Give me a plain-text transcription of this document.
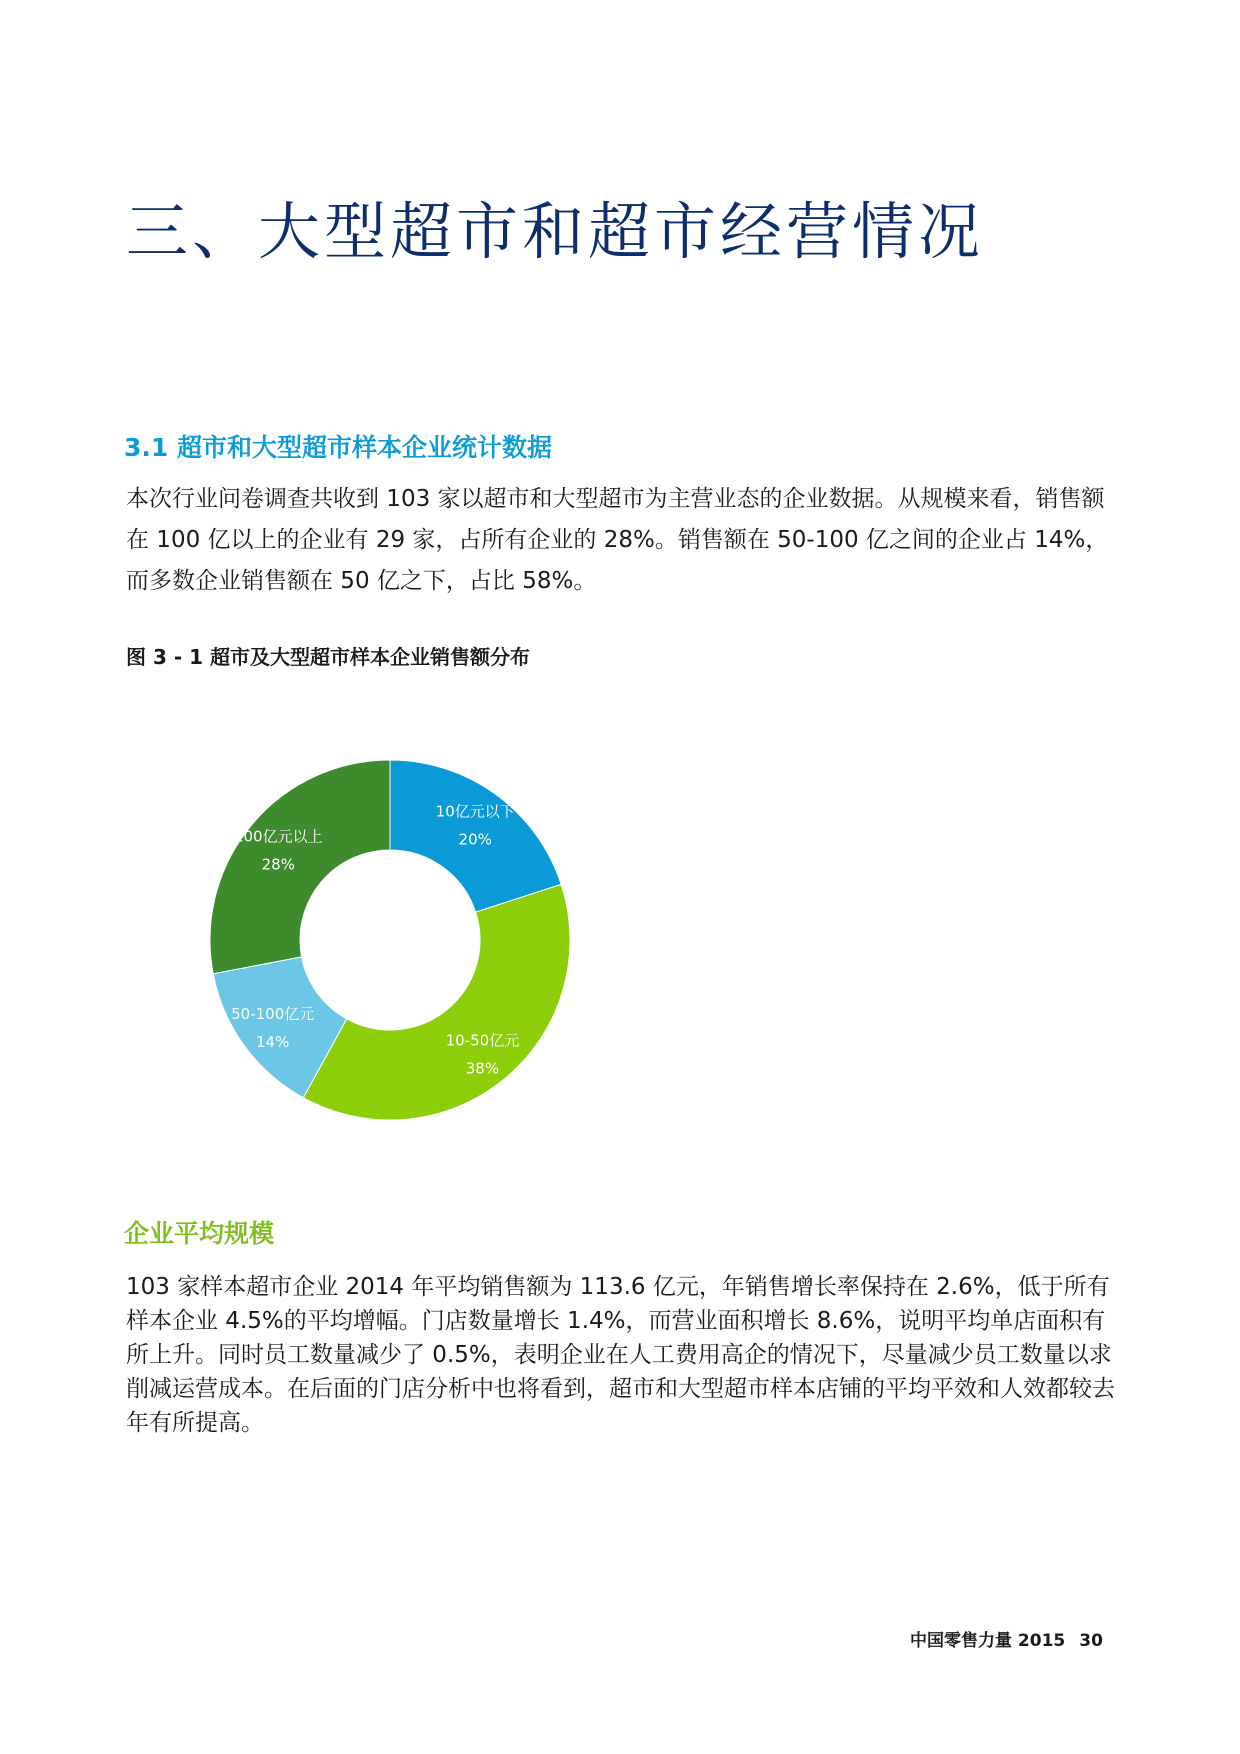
三、大型超市和超市经营情况
3.1 超市和大型超市样本企业统计数据

本次行业问卷调查共收到 103 家以超市和大型超市为主营业态的企业数据。从规模来看，销售额在 100 亿以上的企业有 29 家，占所有企业的 28%。销售额在 50-100 亿之间的企业占 14%，而多数企业销售额在 50 亿之下，占比 58%。

图 3 - 1 超市及大型超市样本企业销售额分布
10亿元以下
20%
10-50亿元
38%
50-100亿元
14%
100亿元以上
28%
企业平均规模

103 家样本超市企业 2014 年平均销售额为 113.6 亿元，年销售增长率保持在 2.6%，低于所有样本企业 4.5%的平均增幅。门店数量增长 1.4%，而营业面积增长 8.6%，说明平均单店面积有所上升。同时员工数量减少了 0.5%，表明企业在人工费用高企的情况下，尽量减少员工数量以求削减运营成本。在后面的门店分析中也将看到，超市和大型超市样本店铺的平均平效和人效都较去年有所提高。

中国零售力量 2015 30
